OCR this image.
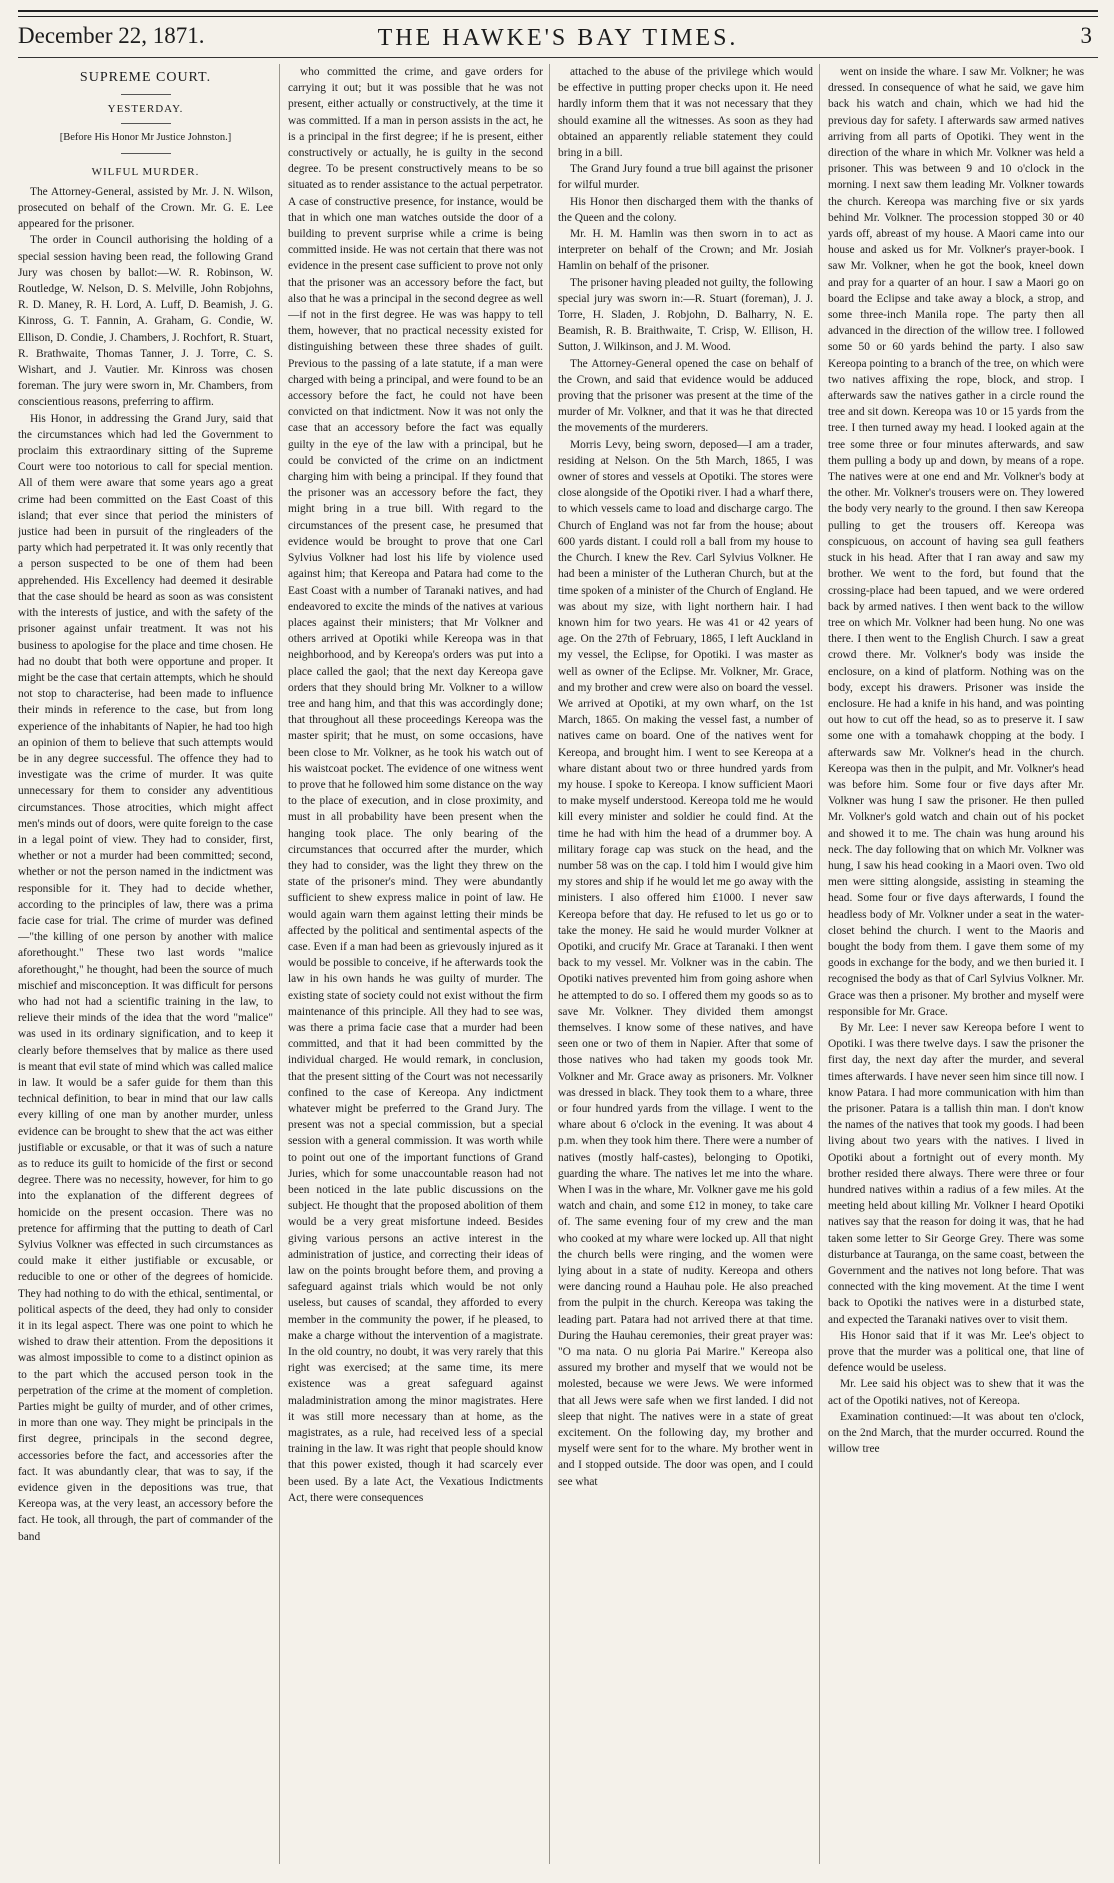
December 22, 1871.	THE HAWKE'S BAY TIMES.	3
SUPREME COURT.
YESTERDAY.
[Before His Honor Mr Justice Johnston.]
WILFUL MURDER.

The Attorney-General, assisted by Mr. J. N. Wilson, prosecuted on behalf of the Crown. Mr. G. E. Lee appeared for the prisoner.

The order in Council authorising the holding of a special session having been read, the following Grand Jury was chosen by ballot:—W. R. Robinson, W. Routledge, W. Nelson, D. S. Melville, John Robjohns, R. D. Maney, R. H. Lord, A. Luff, D. Beamish, J. G. Kinross, G. T. Fannin, A. Graham, G. Condie, W. Ellison, D. Condie, J. Chambers, J. Rochfort, R. Stuart, R. Brathwaite, Thomas Tanner, J. J. Torre, C. S. Wishart, and J. Vautier. Mr. Kinross was chosen foreman. The jury were sworn in, Mr. Chambers, from conscientious reasons, preferring to affirm.

His Honor, in addressing the Grand Jury, said that the circumstances which had led the Government to proclaim this extraordinary sitting of the Supreme Court were too notorious to call for special mention. All of them were aware that some years ago a great crime had been committed on the East Coast of this island; that ever since that period the ministers of justice had been in pursuit of the ringleaders of the party which had perpetrated it. It was only recently that a person suspected to be one of them had been apprehended. His Excellency had deemed it desirable that the case should be heard as soon as was consistent with the interests of justice, and with the safety of the prisoner against unfair treatment. It was not his business to apologise for the place and time chosen. He had no doubt that both were opportune and proper. It might be the case that certain attempts, which he should not stop to characterise, had been made to influence their minds in reference to the case, but from long experience of the inhabitants of Napier, he had too high an opinion of them to believe that such attempts would be in any degree successful. The offence they had to investigate was the crime of murder. It was quite unnecessary for them to consider any adventitious circumstances. Those atrocities, which might affect men's minds out of doors, were quite foreign to the case in a legal point of view. They had to consider, first, whether or not a murder had been committed; second, whether or not the person named in the indictment was responsible for it. They had to decide whether, according to the principles of law, there was a prima facie case for trial. The crime of murder was defined—"the killing of one person by another with malice aforethought." These two last words "malice aforethought," he thought, had been the source of much mischief and misconception. It was difficult for persons who had not had a scientific training in the law, to relieve their minds of the idea that the word "malice" was used in its ordinary signification, and to keep it clearly before themselves that by malice as there used is meant that evil state of mind which was called malice in law. It would be a safer guide for them than this technical definition, to bear in mind that our law calls every killing of one man by another murder, unless evidence can be brought to shew that the act was either justifiable or excusable, or that it was of such a nature as to reduce its guilt to homicide of the first or second degree. There was no necessity, however, for him to go into the explanation of the different degrees of homicide on the present occasion. There was no pretence for affirming that the putting to death of Carl Sylvius Volkner was effected in such circumstances as could make it either justifiable or excusable, or reducible to one or other of the degrees of homicide. They had nothing to do with the ethical, sentimental, or political aspects of the deed, they had only to consider it in its legal aspect. There was one point to which he wished to draw their attention. From the depositions it was almost impossible to come to a distinct opinion as to the part which the accused person took in the perpetration of the crime at the moment of completion. Parties might be guilty of murder, and of other crimes, in more than one way. They might be principals in the first degree, principals in the second degree, accessories before the fact, and accessories after the fact. It was abundantly clear, that was to say, if the evidence given in the depositions was true, that Kereopa was, at the very least, an accessory before the fact. He took, all through, the part of commander of the band

who committed the crime, and gave orders for carrying it out; but it was possible that he was not present, either actually or constructively, at the time it was committed. If a man in person assists in the act, he is a principal in the first degree; if he is present, either constructively or actually, he is guilty in the second degree. To be present constructively means to be so situated as to render assistance to the actual perpetrator. A case of constructive presence, for instance, would be that in which one man watches outside the door of a building to prevent surprise while a crime is being committed inside. He was not certain that there was not evidence in the present case sufficient to prove not only that the prisoner was an accessory before the fact, but also that he was a principal in the second degree as well—if not in the first degree. He was was happy to tell them, however, that no practical necessity existed for distinguishing between these three shades of guilt. Previous to the passing of a late statute, if a man were charged with being a principal, and were found to be an accessory before the fact, he could not have been convicted on that indictment. Now it was not only the case that an accessory before the fact was equally guilty in the eye of the law with a principal, but he could be convicted of the crime on an indictment charging him with being a principal. If they found that the prisoner was an accessory before the fact, they might bring in a true bill. With regard to the circumstances of the present case, he presumed that evidence would be brought to prove that one Carl Sylvius Volkner had lost his life by violence used against him; that Kereopa and Patara had come to the East Coast with a number of Taranaki natives, and had endeavored to excite the minds of the natives at various places against their ministers; that Mr Volkner and others arrived at Opotiki while Kereopa was in that neighborhood, and by Kereopa's orders was put into a place called the gaol; that the next day Kereopa gave orders that they should bring Mr. Volkner to a willow tree and hang him, and that this was accordingly done; that throughout all these proceedings Kereopa was the master spirit; that he must, on some occasions, have been close to Mr. Volkner, as he took his watch out of his waistcoat pocket. The evidence of one witness went to prove that he followed him some distance on the way to the place of execution, and in close proximity, and must in all probability have been present when the hanging took place. The only bearing of the circumstances that occurred after the murder, which they had to consider, was the light they threw on the state of the prisoner's mind. They were abundantly sufficient to shew express malice in point of law. He would again warn them against letting their minds be affected by the political and sentimental aspects of the case. Even if a man had been as grievously injured as it would be possible to conceive, if he afterwards took the law in his own hands he was guilty of murder. The existing state of society could not exist without the firm maintenance of this principle. All they had to see was, was there a prima facie case that a murder had been committed, and that it had been committed by the individual charged. He would remark, in conclusion, that the present sitting of the Court was not necessarily confined to the case of Kereopa. Any indictment whatever might be preferred to the Grand Jury. The present was not a special commission, but a special session with a general commission. It was worth while to point out one of the important functions of Grand Juries, which for some unaccountable reason had not been noticed in the late public discussions on the subject. He thought that the proposed abolition of them would be a very great misfortune indeed. Besides giving various persons an active interest in the administration of justice, and correcting their ideas of law on the points brought before them, and proving a safeguard against trials which would be not only useless, but causes of scandal, they afforded to every member in the community the power, if he pleased, to make a charge without the intervention of a magistrate. In the old country, no doubt, it was very rarely that this right was exercised; at the same time, its mere existence was a great safeguard against maladministration among the minor magistrates. Here it was still more necessary than at home, as the magistrates, as a rule, had received less of a special training in the law. It was right that people should know that this power existed, though it had scarcely ever been used. By a late Act, the Vexatious Indictments Act, there were consequences

attached to the abuse of the privilege which would be effective in putting proper checks upon it. He need hardly inform them that it was not necessary that they should examine all the witnesses. As soon as they had obtained an apparently reliable statement they could bring in a bill.

The Grand Jury found a true bill against the prisoner for wilful murder.

His Honor then discharged them with the thanks of the Queen and the colony.

Mr. H. M. Hamlin was then sworn in to act as interpreter on behalf of the Crown; and Mr. Josiah Hamlin on behalf of the prisoner.

The prisoner having pleaded not guilty, the following special jury was sworn in:—R. Stuart (foreman), J. J. Torre, H. Sladen, J. Robjohn, D. Balharry, N. E. Beamish, R. B. Braithwaite, T. Crisp, W. Ellison, H. Sutton, J. Wilkinson, and J. M. Wood.

The Attorney-General opened the case on behalf of the Crown, and said that evidence would be adduced proving that the prisoner was present at the time of the murder of Mr. Volkner, and that it was he that directed the movements of the murderers.

Morris Levy, being sworn, deposed—I am a trader, residing at Nelson. On the 5th March, 1865, I was owner of stores and vessels at Opotiki. The stores were close alongside of the Opotiki river. I had a wharf there, to which vessels came to load and discharge cargo. The Church of England was not far from the house; about 600 yards distant. I could roll a ball from my house to the Church. I knew the Rev. Carl Sylvius Volkner. He had been a minister of the Lutheran Church, but at the time spoken of a minister of the Church of England. He was about my size, with light northern hair. I had known him for two years. He was 41 or 42 years of age. On the 27th of February, 1865, I left Auckland in my vessel, the Eclipse, for Opotiki. I was master as well as owner of the Eclipse. Mr. Volkner, Mr. Grace, and my brother and crew were also on board the vessel. We arrived at Opotiki, at my own wharf, on the 1st March, 1865. On making the vessel fast, a number of natives came on board. One of the natives went for Kereopa, and brought him. I went to see Kereopa at a whare distant about two or three hundred yards from my house. I spoke to Kereopa. I know sufficient Maori to make myself understood. Kereopa told me he would kill every minister and soldier he could find. At the time he had with him the head of a drummer boy. A military forage cap was stuck on the head, and the number 58 was on the cap. I told him I would give him my stores and ship if he would let me go away with the ministers. I also offered him £1000. I never saw Kereopa before that day. He refused to let us go or to take the money. He said he would murder Volkner at Opotiki, and crucify Mr. Grace at Taranaki. I then went back to my vessel. Mr. Volkner was in the cabin. The Opotiki natives prevented him from going ashore when he attempted to do so. I offered them my goods so as to save Mr. Volkner. They divided them amongst themselves. I know some of these natives, and have seen one or two of them in Napier. After that some of those natives who had taken my goods took Mr. Volkner and Mr. Grace away as prisoners. Mr. Volkner was dressed in black. They took them to a whare, three or four hundred yards from the village. I went to the whare about 6 o'clock in the evening. It was about 4 p.m. when they took him there. There were a number of natives (mostly half-castes), belonging to Opotiki, guarding the whare. The natives let me into the whare. When I was in the whare, Mr. Volkner gave me his gold watch and chain, and some £12 in money, to take care of. The same evening four of my crew and the man who cooked at my whare were locked up. All that night the church bells were ringing, and the women were lying about in a state of nudity. Kereopa and others were dancing round a Hauhau pole. He also preached from the pulpit in the church. Kereopa was taking the leading part. Patara had not arrived there at that time. During the Hauhau ceremonies, their great prayer was: "O ma nata. O nu gloria Pai Marire." Kereopa also assured my brother and myself that we would not be molested, because we were Jews. We were informed that all Jews were safe when we first landed. I did not sleep that night. The natives were in a state of great excitement. On the following day, my brother and myself were sent for to the whare. My brother went in and I stopped outside. The door was open, and I could see what

went on inside the whare. I saw Mr. Volkner; he was dressed. In consequence of what he said, we gave him back his watch and chain, which we had hid the previous day for safety. I afterwards saw armed natives arriving from all parts of Opotiki. They went in the direction of the whare in which Mr. Volkner was held a prisoner. This was between 9 and 10 o'clock in the morning. I next saw them leading Mr. Volkner towards the church. Kereopa was marching five or six yards behind Mr. Volkner. The procession stopped 30 or 40 yards off, abreast of my house. A Maori came into our house and asked us for Mr. Volkner's prayer-book. I saw Mr. Volkner, when he got the book, kneel down and pray for a quarter of an hour. I saw a Maori go on board the Eclipse and take away a block, a strop, and some three-inch Manila rope. The party then all advanced in the direction of the willow tree. I followed some 50 or 60 yards behind the party. I also saw Kereopa pointing to a branch of the tree, on which were two natives affixing the rope, block, and strop. I afterwards saw the natives gather in a circle round the tree and sit down. Kereopa was 10 or 15 yards from the tree. I then turned away my head. I looked again at the tree some three or four minutes afterwards, and saw them pulling a body up and down, by means of a rope. The natives were at one end and Mr. Volkner's body at the other. Mr. Volkner's trousers were on. They lowered the body very nearly to the ground. I then saw Kereopa pulling to get the trousers off. Kereopa was conspicuous, on account of having sea gull feathers stuck in his head. After that I ran away and saw my brother. We went to the ford, but found that the crossing-place had been tapued, and we were ordered back by armed natives. I then went back to the willow tree on which Mr. Volkner had been hung. No one was there. I then went to the English Church. I saw a great crowd there. Mr. Volkner's body was inside the enclosure, on a kind of platform. Nothing was on the body, except his drawers. Prisoner was inside the enclosure. He had a knife in his hand, and was pointing out how to cut off the head, so as to preserve it. I saw some one with a tomahawk chopping at the body. I afterwards saw Mr. Volkner's head in the church. Kereopa was then in the pulpit, and Mr. Volkner's head was before him. Some four or five days after Mr. Volkner was hung I saw the prisoner. He then pulled Mr. Volkner's gold watch and chain out of his pocket and showed it to me. The chain was hung around his neck. The day following that on which Mr. Volkner was hung, I saw his head cooking in a Maori oven. Two old men were sitting alongside, assisting in steaming the head. Some four or five days afterwards, I found the headless body of Mr. Volkner under a seat in the water-closet behind the church. I went to the Maoris and bought the body from them. I gave them some of my goods in exchange for the body, and we then buried it. I recognised the body as that of Carl Sylvius Volkner. Mr. Grace was then a prisoner. My brother and myself were responsible for Mr. Grace.

By Mr. Lee: I never saw Kereopa before I went to Opotiki. I was there twelve days. I saw the prisoner the first day, the next day after the murder, and several times afterwards. I have never seen him since till now. I know Patara. I had more communication with him than the prisoner. Patara is a tallish thin man. I don't know the names of the natives that took my goods. I had been living about two years with the natives. I lived in Opotiki about a fortnight out of every month. My brother resided there always. There were three or four hundred natives within a radius of a few miles. At the meeting held about killing Mr. Volkner I heard Opotiki natives say that the reason for doing it was, that he had taken some letter to Sir George Grey. There was some disturbance at Tauranga, on the same coast, between the Government and the natives not long before. That was connected with the king movement. At the time I went back to Opotiki the natives were in a disturbed state, and expected the Taranaki natives over to visit them.

His Honor said that if it was Mr. Lee's object to prove that the murder was a political one, that line of defence would be useless.

Mr. Lee said his object was to shew that it was the act of the Opotiki natives, not of Kereopa.

Examination continued:—It was about ten o'clock, on the 2nd March, that the murder occurred. Round the willow tree
